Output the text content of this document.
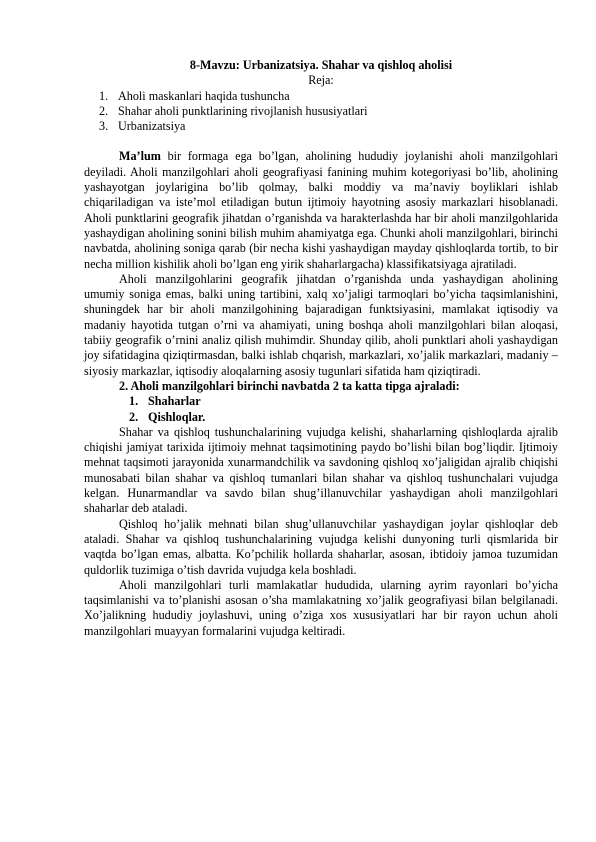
8-Mavzu: Urbanizatsiya. Shahar va qishloq aholisi
Reja:
1. Aholi maskanlari haqida tushuncha
2. Shahar aholi punktlarining rivojlanish hususiyatlari
3. Urbanizatsiya

Ma’lum bir formaga ega bo’lgan, aholining hududiy joylanishi aholi manzilgohlari deyiladi. Aholi manzilgohlari aholi geografiyasi fanining muhim kotegoriyasi bo’lib, aholining yashayotgan joylarigina bo’lib qolmay, balki moddiy va ma’naviy boyliklari ishlab chiqariladigan va iste’mol etiladigan butun ijtimoiy hayotning asosiy markazlari hisoblanadi. Aholi punktlarini geografik jihatdan o’rganishda va harakterlashda har bir aholi manzilgohlarida yashaydigan aholining sonini bilish muhim ahamiyatga ega. Chunki aholi manzilgohlari, birinchi navbatda, aholining soniga qarab (bir necha kishi yashaydigan mayday qishloqlarda tortib, to bir necha million kishilik aholi bo’lgan eng yirik shaharlargacha) klassifikatsiyaga ajratiladi.

Aholi manzilgohlarini geografik jihatdan o’rganishda unda yashaydigan aholining umumiy soniga emas, balki uning tartibini, xalq xo’jaligi tarmoqlari bo’yicha taqsimlanishini, shuningdek har bir aholi manzilgohining bajaradigan funktsiyasini, mamlakat iqtisodiy va madaniy hayotida tutgan o’rni va ahamiyati, uning boshqa aholi manzilgohlari bilan aloqasi, tabiiy geografik o’rnini analiz qilish muhimdir. Shunday qilib, aholi punktlari aholi yashaydigan joy sifatidagina qiziqtirmasdan, balki ishlab chqarish, markazlari, xo’jalik markazlari, madaniy – siyosiy markazlar, iqtisodiy aloqalarning asosiy tugunlari sifatida ham qiziqtiradi.

2. Aholi manzilgohlari birinchi navbatda 2 ta katta tipga ajraladi:

1. Shaharlar
2. Qishloqlar.

Shahar va qishloq tushunchalarining vujudga kelishi, shaharlarning qishloqlarda ajralib chiqishi jamiyat tarixida ijtimoiy mehnat taqsimotining paydo bo’lishi bilan bog’liqdir. Ijtimoiy mehnat taqsimoti jarayonida xunarmandchilik va savdoning qishloq xo’jaligidan ajralib chiqishi munosabati bilan shahar va qishloq tumanlari bilan shahar va qishloq tushunchalari vujudga kelgan. Hunarmandlar va savdo bilan shug’illanuvchilar yashaydigan aholi manzilgohlari shaharlar deb ataladi.

Qishloq ho’jalik mehnati bilan shug’ullanuvchilar yashaydigan joylar qishloqlar deb ataladi. Shahar va qishloq tushunchalarining vujudga kelishi dunyoning turli qismlarida bir vaqtda bo’lgan emas, albatta. Ko’pchilik hollarda shaharlar, asosan, ibtidoiy jamoa tuzumidan quldorlik tuzimiga o’tish davrida vujudga kela boshladi.

Aholi manzilgohlari turli mamlakatlar hududida, ularning ayrim rayonlari bo’yicha taqsimlanishi va to’planishi asosan o’sha mamlakatning xo’jalik geografiyasi bilan belgilanadi. Xo’jalikning hududiy joylashuvi, uning o’ziga xos xususiyatlari har bir rayon uchun aholi manzilgohlari muayyan formalarini vujudga keltiradi.
